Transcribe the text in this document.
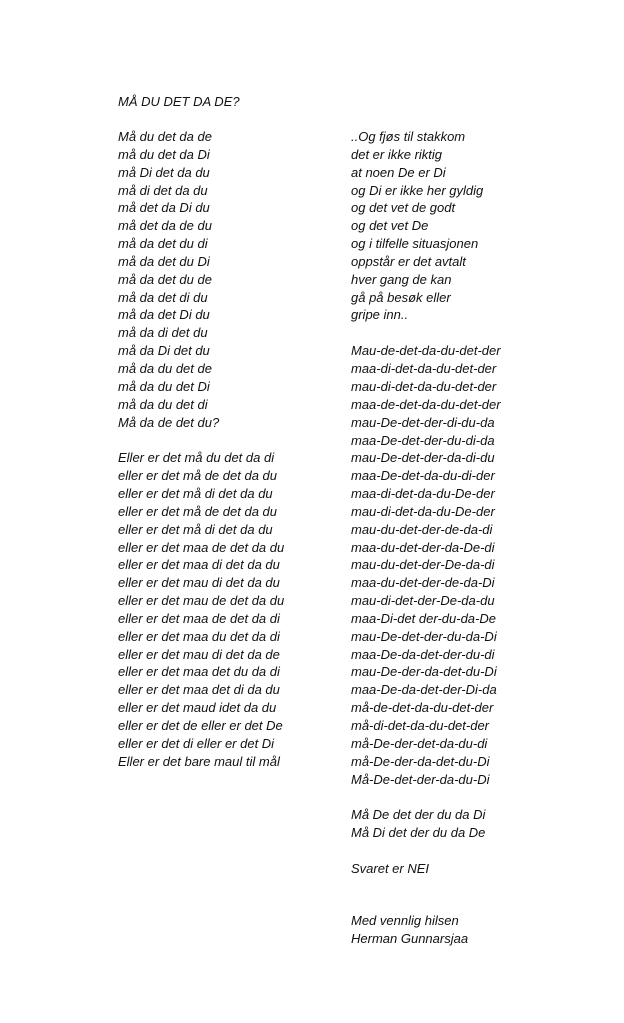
MÅ DU DET DA DE?
Må du det da de
må du det da Di
må Di det da du
må di det da du
må det da Di du
må det da de du
må da det du di
må da det du Di
må da det du de
må da det di du
må da det Di du
må da di det du
må da Di det du
må da du det de
må da du det Di
må da du det di
Må da de det du?
Eller er det må du det da di
eller er det må de det da du
eller er det må di det da du
eller er det må de det da du
eller er det må di det da du
eller er det maa de det da du
eller er det maa di det da du
eller er det mau di det da du
eller er det mau de det da du
eller er det maa de det da di
eller er det maa du det da di
eller er det mau di det da de
eller er det maa det du da di
eller er det maa det di da du
eller er det maud idet da du
eller er det de eller er det De
eller er det di eller er det Di
Eller er det bare maul til mål
..Og fjøs til stakkom
det er ikke riktig
at noen De er Di
og Di er ikke her gyldig
og det vet de godt
og det vet De
og i tilfelle situasjonen
oppstår er det avtalt
hver gang de kan
gå på besøk eller
gripe inn..
Mau-de-det-da-du-det-der
maa-di-det-da-du-det-der
mau-di-det-da-du-det-der
maa-de-det-da-du-det-der
mau-De-det-der-di-du-da
maa-De-det-der-du-di-da
mau-De-det-der-da-di-du
maa-De-det-da-du-di-der
maa-di-det-da-du-De-der
mau-di-det-da-du-De-der
mau-du-det-der-de-da-di
maa-du-det-der-da-De-di
mau-du-det-der-De-da-di
maa-du-det-der-de-da-Di
mau-di-det-der-De-da-du
maa-Di-det der-du-da-De
mau-De-det-der-du-da-Di
maa-De-da-det-der-du-di
mau-De-der-da-det-du-Di
maa-De-da-det-der-Di-da
må-de-det-da-du-det-der
må-di-det-da-du-det-der
må-De-der-det-da-du-di
må-De-der-da-det-du-Di
Må-De-det-der-da-du-Di
Må De det der du da Di
Må Di det der du da De
Svaret er NEI
Med vennlig hilsen
Herman Gunnarsjaa
